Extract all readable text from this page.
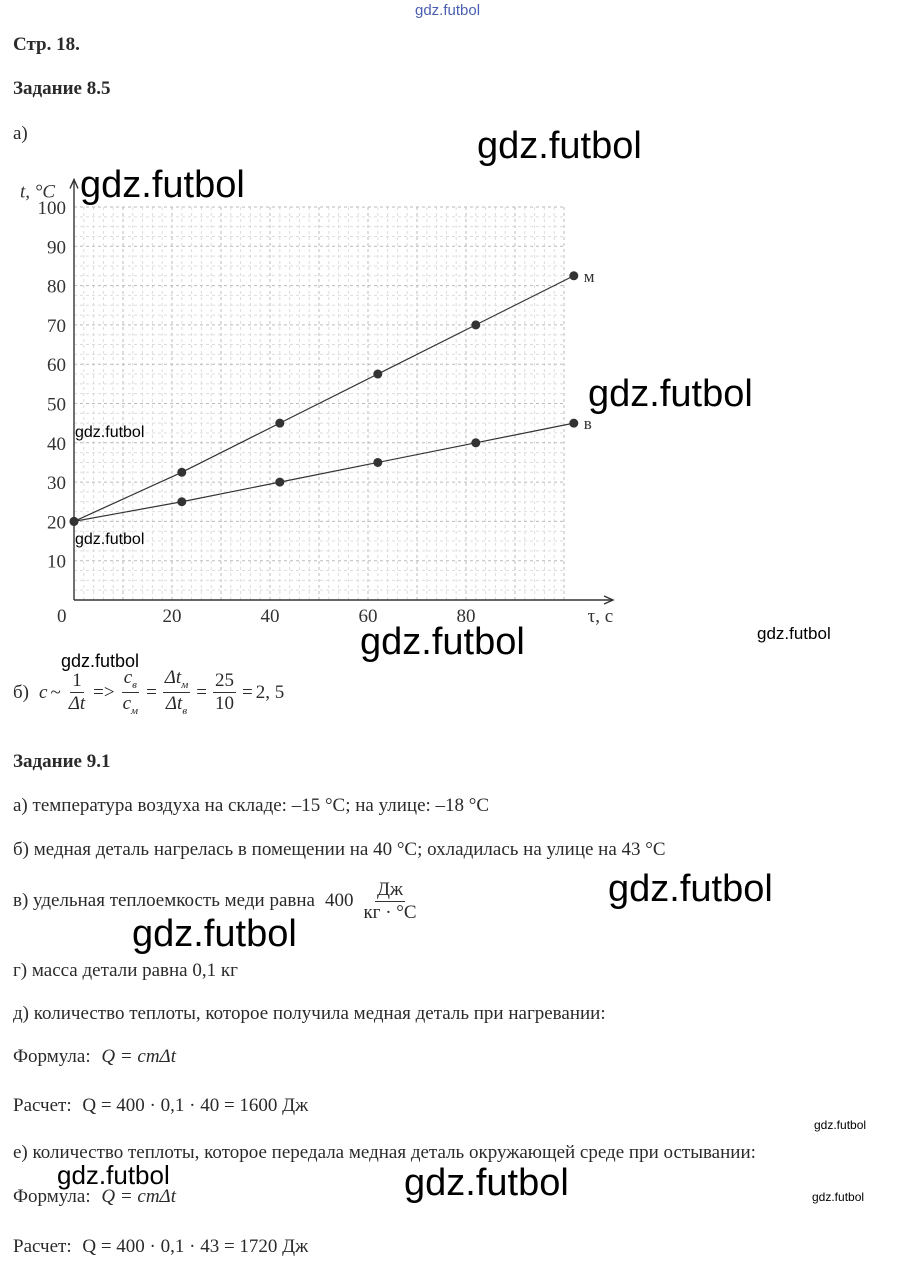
gdz.futbol
Стр. 18.
Задание 8.5
а)
t, °C
τ, с
0
10
20
30
40
50
60
70
80
90
100
20	40	60	80
м
в
б) c ~ $\frac{1}{\Delta t} => \frac{c_в}{c_м} = \frac{\Delta t_м}{\Delta t_в} = \frac{25}{10} = 2$, 5
Задание 9.1
а) температура воздуха на складе: –15 °С; на улице: –18 °С
б) медная деталь нагрелась в помещении на 40 °С; охладилась на улице на 43 °С
в) удельная теплоемкость меди равна $400 \frac{Дж}{кг \cdot ^\circ С}$
г) масса детали равна 0,1 кг
д) количество теплоты, которое получила медная деталь при нагревании:
Формула: Q = cmΔt
Расчет: Q = 400 · 0,1 · 40 = 1600 Дж
е) количество теплоты, которое передала медная деталь окружающей среде при остывании:
Формула: Q = cmΔt
Расчет: Q = 400 · 0,1 · 43 = 1720 Дж
gdz.futbol
gdz.futbol
gdz.futbol
gdz.futbol
gdz.futbol
gdz.futbol	gdz.futbol
gdz.futbol
gdz.futbol
gdz.futbol
gdz.futbol
gdz.futbol	gdz.futbol	gdz.futbol
